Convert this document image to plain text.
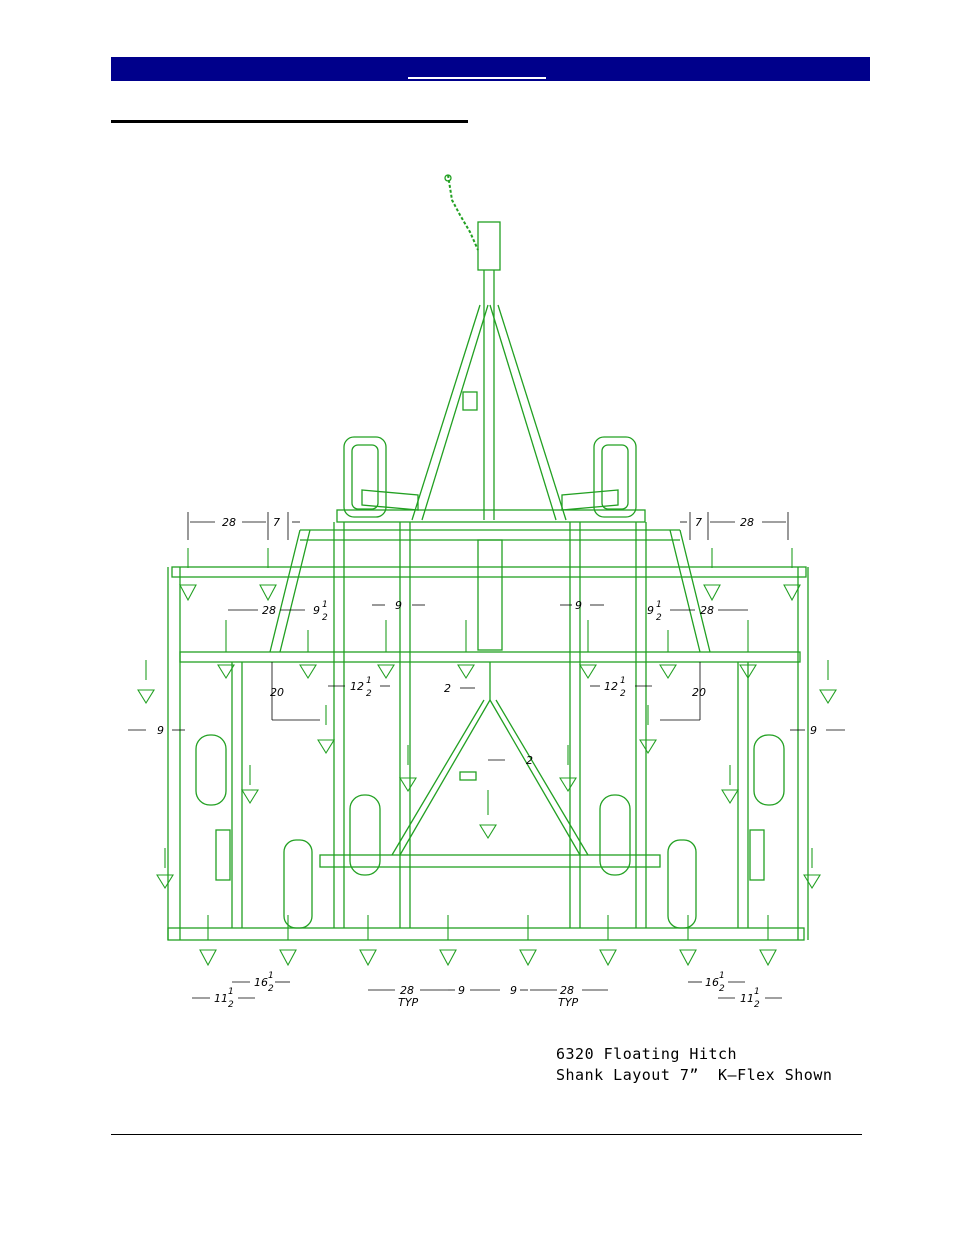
28	7	7	28
28	9 1
2
9	9	9 1
2
28
20	20
12 1
2
12 1
2
2
2
9	9
16 1
2
11 1
2
28
TYP
9	9	28
TYP
16 1
2
11 1
2
6320 Floating Hitch
Shank Layout 7”  K–Flex Shown
